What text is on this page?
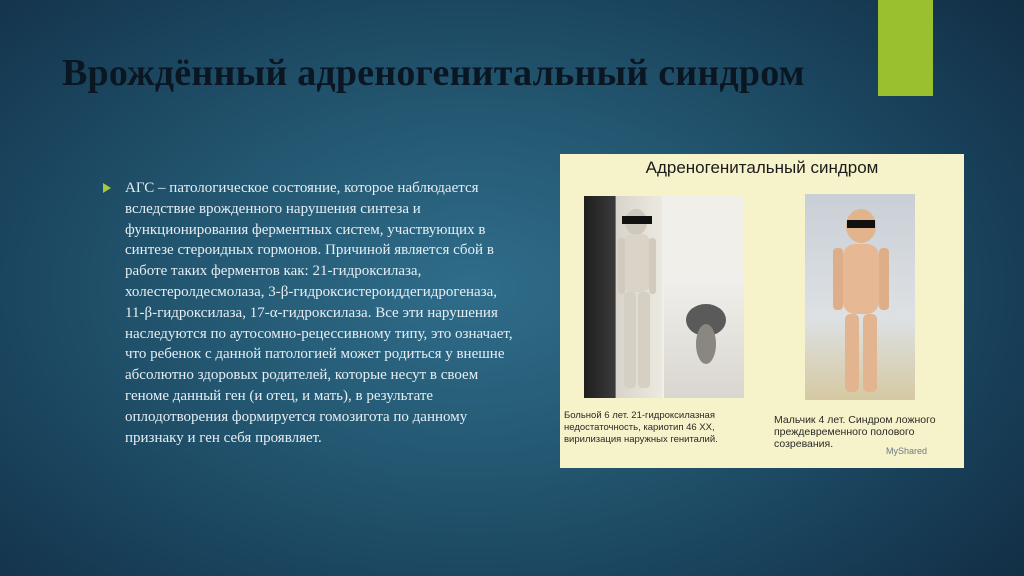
Врождённый адреногенитальный синдром

АГС – патологическое состояние, которое наблюдается вследствие врожденного нарушения синтеза и функционирования ферментных систем, участвующих в синтезе стероидных гормонов. Причиной является сбой в работе таких ферментов как: 21-гидроксилаза, холестеролдесмолаза, 3-β-гидроксистероиддегидрогеназа, 11-β-гидроксилаза, 17-α-гидроксилаза. Все эти нарушения наследуются по аутосомно-рецессивному типу, это означает, что ребенок с данной патологией может родиться у внешне абсолютно здоровых родителей, которые несут в своем геноме данный ген (и отец, и мать), в результате оплодотворения формируется гомозигота по данному признаку и ген себя проявляет.

Адреногенитальный синдром
Больной 6 лет. 21-гидроксилазная недостаточность, кариотип 46 XX, вирилизация наружных гениталий.
Мальчик 4 лет. Синдром ложного преждевременного полового созревания.
MyShared
